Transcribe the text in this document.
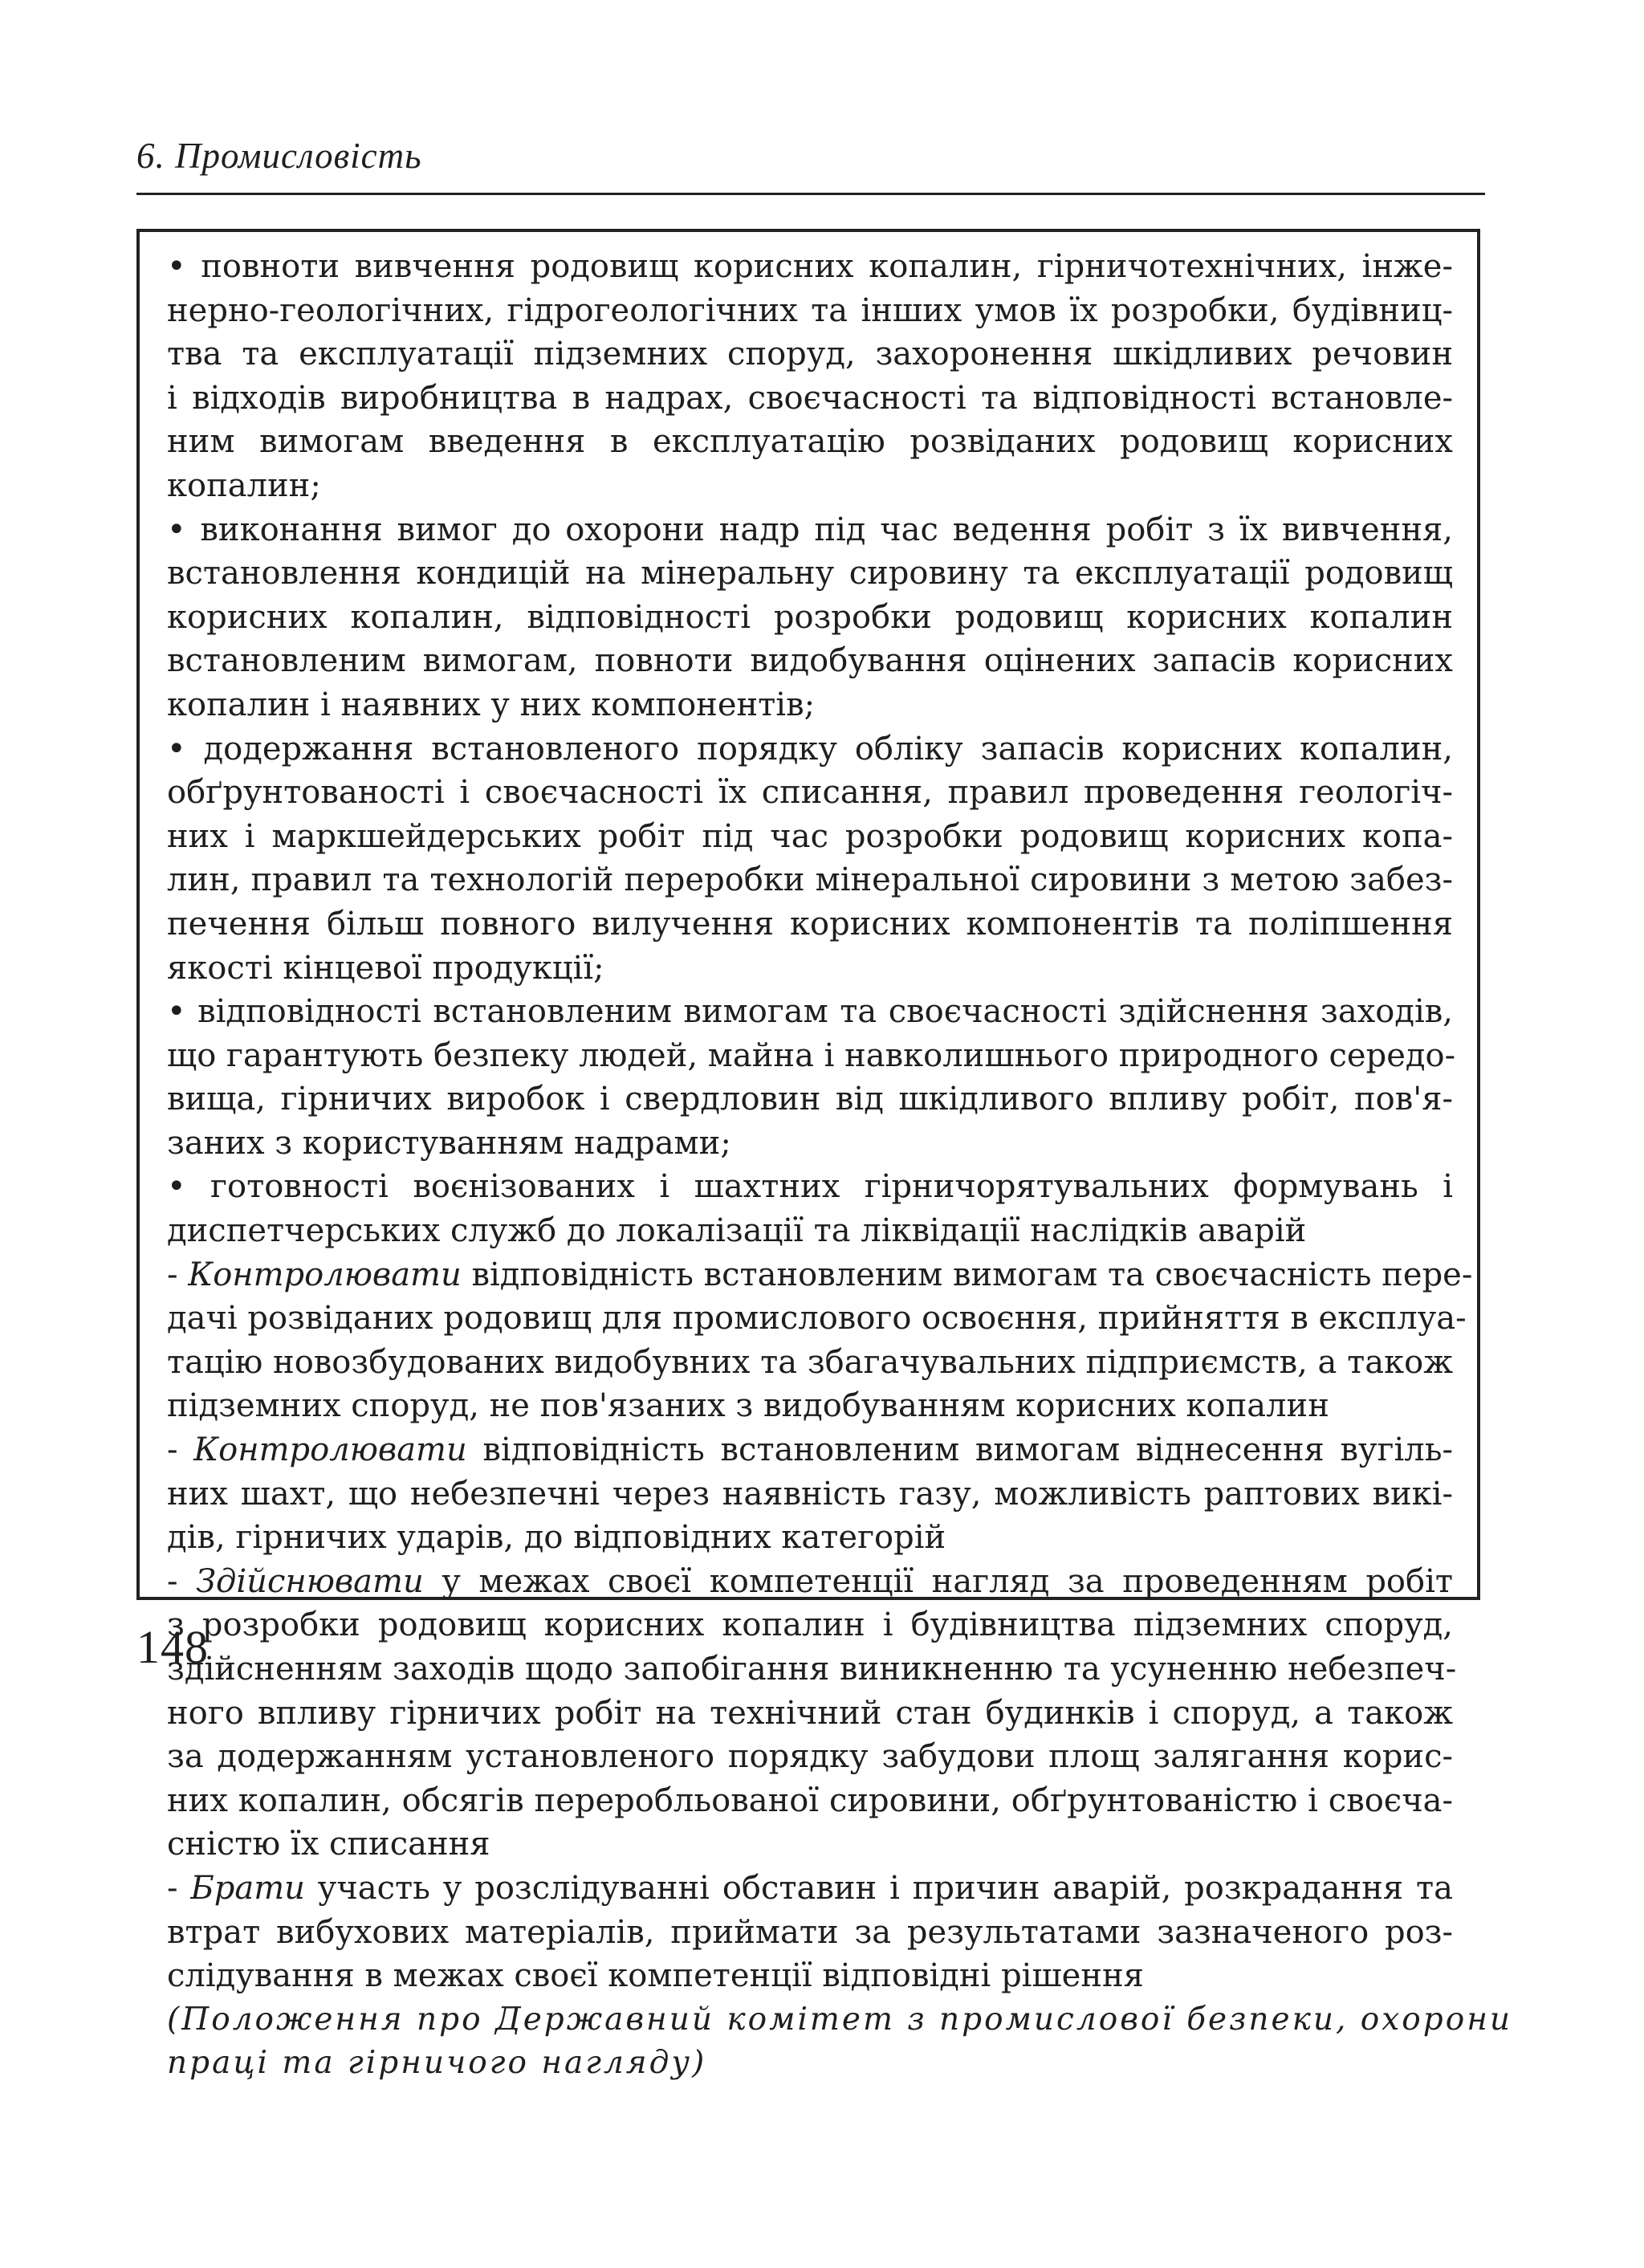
6. Промисловість
• повноти вивчення родовищ корисних копалин, гірничотехнічних, інже-
нерно-геологічних, гідрогеологічних та інших умов їх розробки, будівниц-
тва та експлуатації підземних споруд, захоронення шкідливих речовин
і відходів виробництва в надрах, своєчасності та відповідності встановле-
ним вимогам введення в експлуатацію розвіданих родовищ корисних
копалин;
• виконання вимог до охорони надр під час ведення робіт з їх вивчення,
встановлення кондицій на мінеральну сировину та експлуатації родовищ
корисних копалин, відповідності розробки родовищ корисних копалин
встановленим вимогам, повноти видобування оцінених запасів корисних
копалин і наявних у них компонентів;
• додержання встановленого порядку обліку запасів корисних копалин,
обґрунтованості і своєчасності їх списання, правил проведення геологіч-
них і маркшейдерських робіт під час розробки родовищ корисних копа-
лин, правил та технологій переробки мінеральної сировини з метою забез-
печення більш повного вилучення корисних компонентів та поліпшення
якості кінцевої продукції;
• відповідності встановленим вимогам та своєчасності здійснення заходів,
що гарантують безпеку людей, майна і навколишнього природного середо-
вища, гірничих виробок і свердловин від шкідливого впливу робіт, пов'я-
заних з користуванням надрами;
• готовності воєнізованих і шахтних гірничорятувальних формувань і
диспетчерських служб до локалізації та ліквідації наслідків аварій
- Контролювати відповідність встановленим вимогам та своєчасність пере-
дачі розвіданих родовищ для промислового освоєння, прийняття в експлуа-
тацію новозбудованих видобувних та збагачувальних підприємств, а також
підземних споруд, не пов'язаних з видобуванням корисних копалин
- Контролювати відповідність встановленим вимогам віднесення вугіль-
них шахт, що небезпечні через наявність газу, можливість раптових викі-
дів, гірничих ударів, до відповідних категорій
- Здійснювати у межах своєї компетенції нагляд за проведенням робіт
з розробки родовищ корисних копалин і будівництва підземних споруд,
здійсненням заходів щодо запобігання виникненню та усуненню небезпеч-
ного впливу гірничих робіт на технічний стан будинків і споруд, а також
за додержанням установленого порядку забудови площ залягання корис-
них копалин, обсягів переробльованої сировини, обґрунтованістю і своєча-
сністю їх списання
- Брати участь у розслідуванні обставин і причин аварій, розкрадання та
втрат вибухових матеріалів, приймати за результатами зазначеного роз-
слідування в межах своєї компетенції відповідні рішення
(Положення про Державний комітет з промислової безпеки, охорони
праці та гірничого нагляду)
148
